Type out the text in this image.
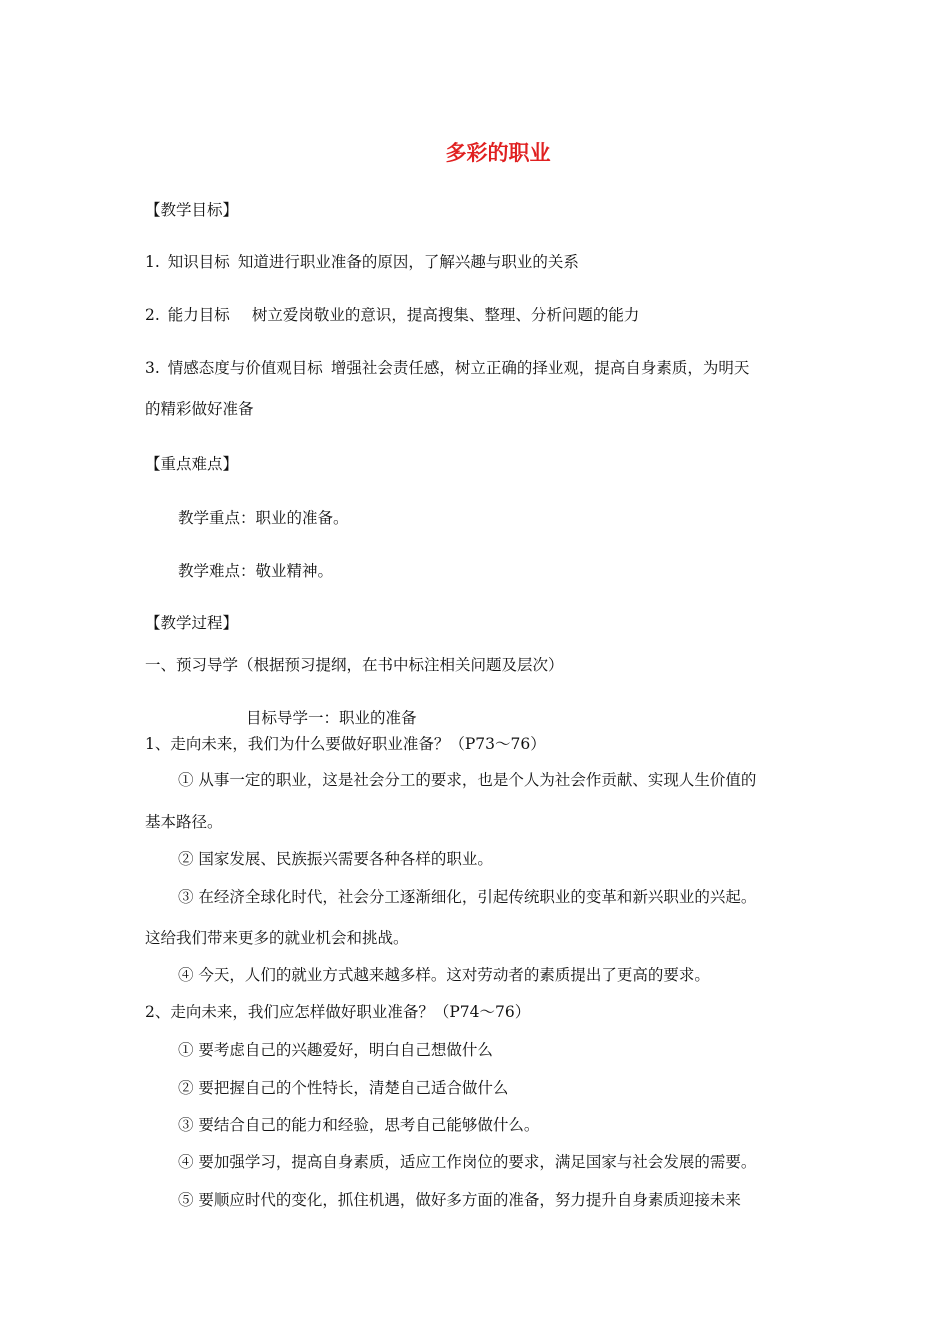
多彩的职业
【教学目标】
1. 知识目标 知道进行职业准备的原因，了解兴趣与职业的关系
2. 能力目标 树立爱岗敬业的意识，提高搜集、整理、分析问题的能力
3. 情感态度与价值观目标 增强社会责任感，树立正确的择业观，提高自身素质，为明天
的精彩做好准备
【重点难点】
教学重点：职业的准备。
教学难点：敬业精神。
【教学过程】
一、预习导学（根据预习提纲，在书中标注相关问题及层次）
目标导学一：职业的准备
1、走向未来，我们为什么要做好职业准备？（P73～76）
① 从事一定的职业，这是社会分工的要求，也是个人为社会作贡献、实现人生价值的
基本路径。
② 国家发展、民族振兴需要各种各样的职业。
③ 在经济全球化时代，社会分工逐渐细化，引起传统职业的变革和新兴职业的兴起。
这给我们带来更多的就业机会和挑战。
④ 今天，人们的就业方式越来越多样。这对劳动者的素质提出了更高的要求。
2、走向未来，我们应怎样做好职业准备？（P74～76）
① 要考虑自己的兴趣爱好，明白自己想做什么
② 要把握自己的个性特长，清楚自己适合做什么
③ 要结合自己的能力和经验，思考自己能够做什么。
④ 要加强学习，提高自身素质，适应工作岗位的要求，满足国家与社会发展的需要。
⑤ 要顺应时代的变化，抓住机遇，做好多方面的准备，努力提升自身素质迎接未来
